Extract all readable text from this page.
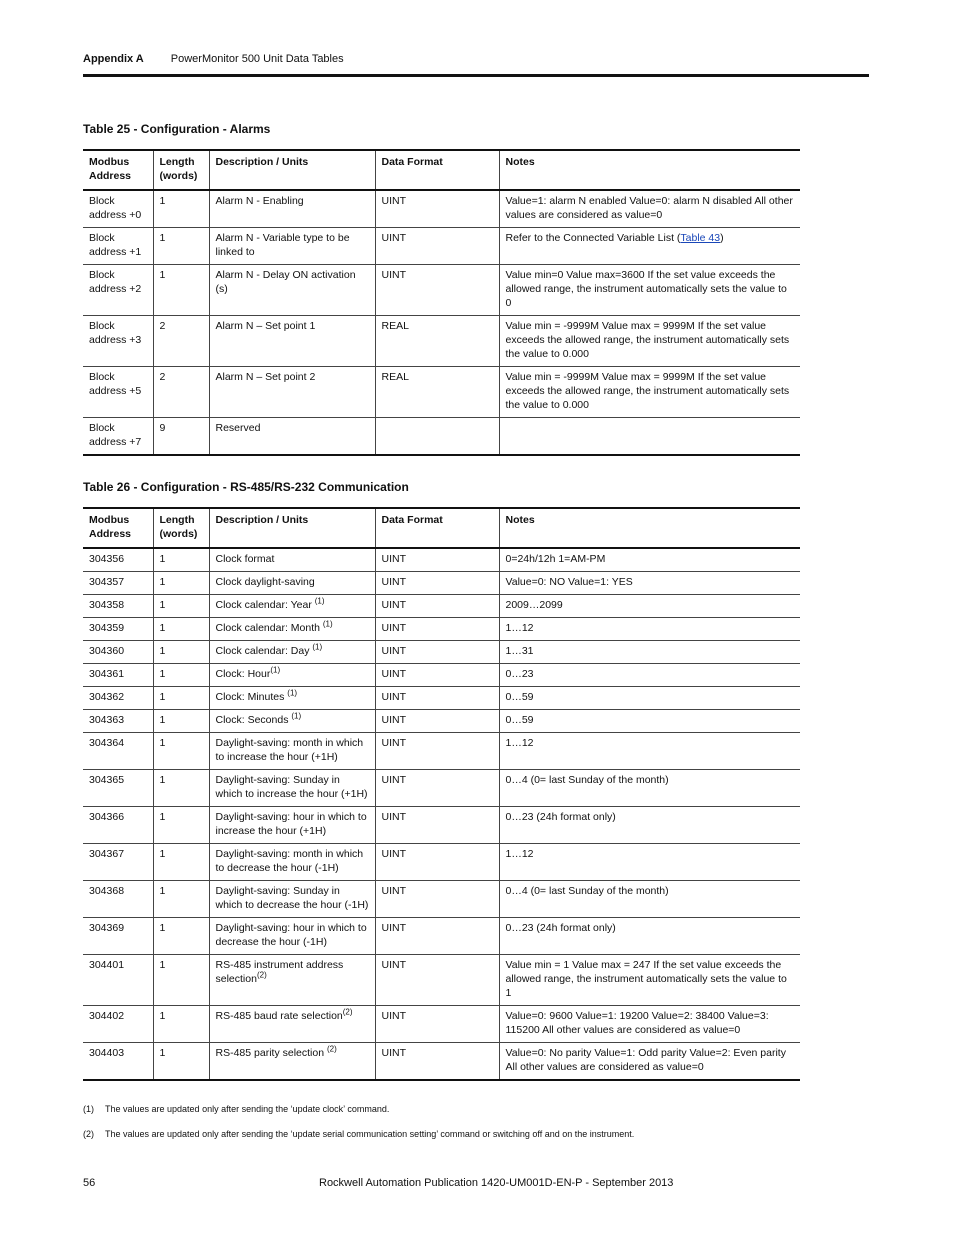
Appendix A PowerMonitor 500 Unit Data Tables
Table 25 - Configuration - Alarms
Modbus Address	Length (words)	Description / Units	Data Format	Notes
Block address +0	1	Alarm N - Enabling	UINT	Value=1: alarm N enabled Value=0: alarm N disabled All other values are considered as value=0
Block address +1	1	Alarm N - Variable type to be linked to	UINT	Refer to the Connected Variable List (Table 43)
Block address +2	1	Alarm N - Delay ON activation (s)	UINT	Value min=0 Value max=3600 If the set value exceeds the allowed range, the instrument automatically sets the value to 0
Block address +3	2	Alarm N – Set point 1	REAL	Value min = -9999M Value max = 9999M If the set value exceeds the allowed range, the instrument automatically sets the value to 0.000
Block address +5	2	Alarm N – Set point 2	REAL	Value min = -9999M Value max = 9999M If the set value exceeds the allowed range, the instrument automatically sets the value to 0.000
Block address +7	9	Reserved		
Table 26 - Configuration - RS-485/RS-232 Communication
Modbus Address	Length (words)	Description / Units	Data Format	Notes
304356	1	Clock format	UINT	0=24h/12h 1=AM-PM
304357	1	Clock daylight-saving	UINT	Value=0: NO Value=1: YES
304358	1	Clock calendar: Year $^{(1)}$	UINT	2009…2099
304359	1	Clock calendar: Month $^{(1)}$	UINT	1…12
304360	1	Clock calendar: Day $^{(1)}$	UINT	1…31
304361	1	Clock: Hour$^{(1)}$	UINT	0…23
304362	1	Clock: Minutes $^{(1)}$	UINT	0…59
304363	1	Clock: Seconds $^{(1)}$	UINT	0…59
304364	1	Daylight-saving: month in which to increase the hour (+1H)	UINT	1…12
304365	1	Daylight-saving: Sunday in which to increase the hour (+1H)	UINT	0…4 (0= last Sunday of the month)
304366	1	Daylight-saving: hour in which to increase the hour (+1H)	UINT	0…23 (24h format only)
304367	1	Daylight-saving: month in which to decrease the hour (-1H)	UINT	1…12
304368	1	Daylight-saving: Sunday in which to decrease the hour (-1H)	UINT	0…4 (0= last Sunday of the month)
304369	1	Daylight-saving: hour in which to decrease the hour (-1H)	UINT	0…23 (24h format only)
304401	1	RS-485 instrument address selection$^{(2)}$	UINT	Value min = 1 Value max = 247 If the set value exceeds the allowed range, the instrument automatically sets the value to 1
304402	1	RS-485 baud rate selection$^{(2)}$	UINT	Value=0: 9600 Value=1: 19200 Value=2: 38400 Value=3: 115200 All other values are considered as value=0
304403	1	RS-485 parity selection $^{(2)}$	UINT	Value=0: No parity Value=1: Odd parity Value=2: Even parity All other values are considered as value=0
(1) The values are updated only after sending the ‘update clock’ command.
(2) The values are updated only after sending the ‘update serial communication setting’ command or switching off and on the instrument.
56	Rockwell Automation Publication 1420-UM001D-EN-P - September 2013
